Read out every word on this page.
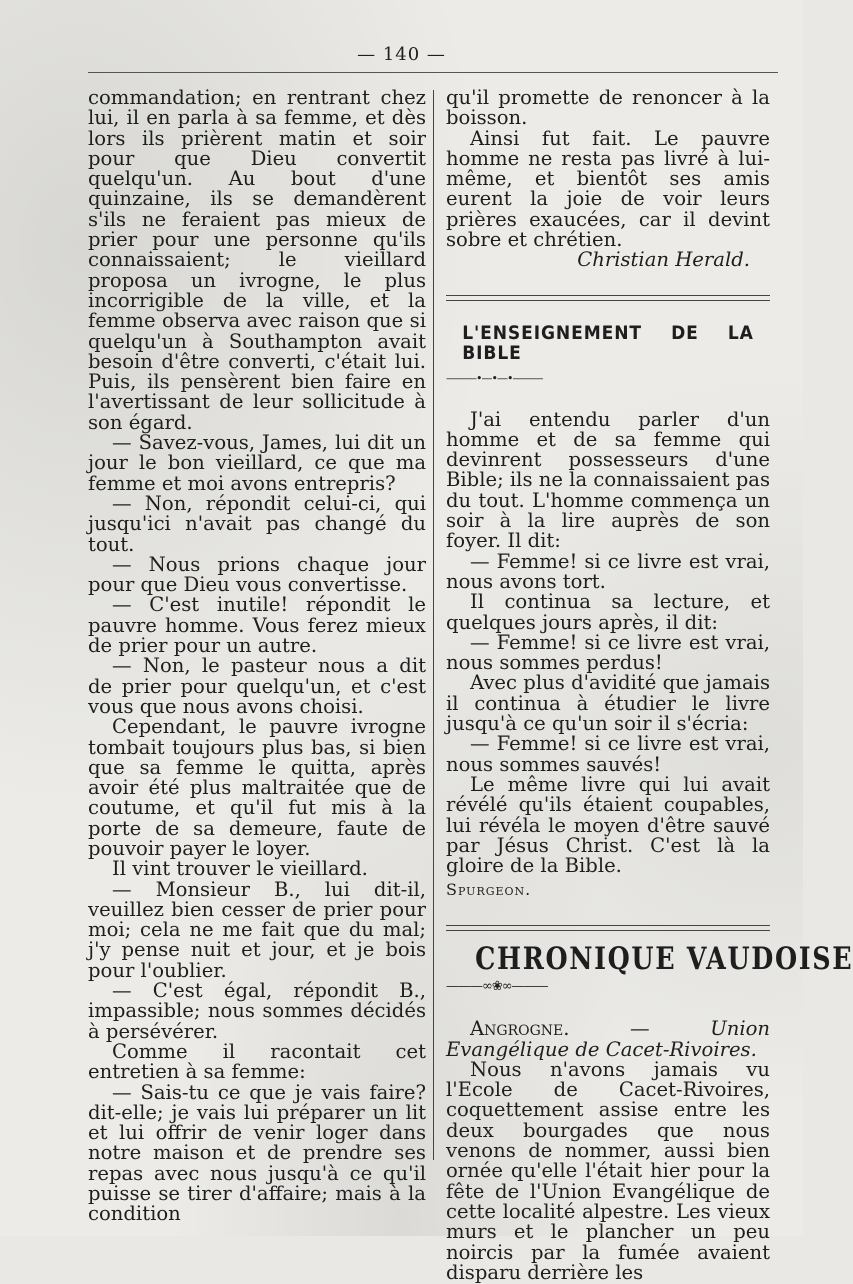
— 140 —

commandation; en rentrant chez lui, il en parla à sa femme, et dès lors ils prièrent matin et soir pour que Dieu convertit quelqu'un. Au bout d'une quinzaine, ils se demandèrent s'ils ne feraient pas mieux de prier pour une personne qu'ils connaissaient; le vieillard proposa un ivrogne, le plus incorrigible de la ville, et la femme observa avec raison que si quelqu'un à Southampton avait besoin d'être converti, c'était lui. Puis, ils pensèrent bien faire en l'avertissant de leur sollicitude à son égard.

— Savez-vous, James, lui dit un jour le bon vieillard, ce que ma femme et moi avons entrepris?

— Non, répondit celui-ci, qui jusqu'ici n'avait pas changé du tout.

— Nous prions chaque jour pour que Dieu vous convertisse.

— C'est inutile! répondit le pauvre homme. Vous ferez mieux de prier pour un autre.

— Non, le pasteur nous a dit de prier pour quelqu'un, et c'est vous que nous avons choisi.

Cependant, le pauvre ivrogne tombait toujours plus bas, si bien que sa femme le quitta, après avoir été plus maltraitée que de coutume, et qu'il fut mis à la porte de sa demeure, faute de pouvoir payer le loyer.

Il vint trouver le vieillard.

— Monsieur B., lui dit-il, veuillez bien cesser de prier pour moi; cela ne me fait que du mal; j'y pense nuit et jour, et je bois pour l'oublier.

— C'est égal, répondit B., impassible; nous sommes décidés à persévérer.

Comme il racontait cet entretien à sa femme:

— Sais-tu ce que je vais faire? dit-elle; je vais lui préparer un lit et lui offrir de venir loger dans notre maison et de prendre ses repas avec nous jusqu'à ce qu'il puisse se tirer d'affaire; mais à la condition

qu'il promette de renoncer à la boisson.

Ainsi fut fait. Le pauvre homme ne resta pas livré à lui-même, et bientôt ses amis eurent la joie de voir leurs prières exaucées, car il devint sobre et chrétien.

Christian Herald.

L'ENSEIGNEMENT DE LA BIBLE

———•—•—•———

J'ai entendu parler d'un homme et de sa femme qui devinrent possesseurs d'une Bible; ils ne la connaissaient pas du tout. L'homme commença un soir à la lire auprès de son foyer. Il dit:

— Femme! si ce livre est vrai, nous avons tort.

Il continua sa lecture, et quelques jours après, il dit:

— Femme! si ce livre est vrai, nous sommes perdus!

Avec plus d'avidité que jamais il continua à étudier le livre jusqu'à ce qu'un soir il s'écria:

— Femme! si ce livre est vrai, nous sommes sauvés!

Le même livre qui lui avait révélé qu'ils étaient coupables, lui révéla le moyen d'être sauvé par Jésus Christ. C'est là la gloire de la Bible.

Spurgeon.

CHRONIQUE VAUDOISE

———∞❀∞———

Angrogne.	— Union Evangélique de Cacet-Rivoires.

Nous n'avons jamais vu l'Ecole de Cacet-Rivoires, coquettement assise entre les deux bourgades que nous venons de nommer, aussi bien ornée qu'elle l'était hier pour la fête de l'Union Evangélique de cette localité alpestre. Les vieux murs et le plancher un peu noircis par la fumée avaient disparu derrière les
